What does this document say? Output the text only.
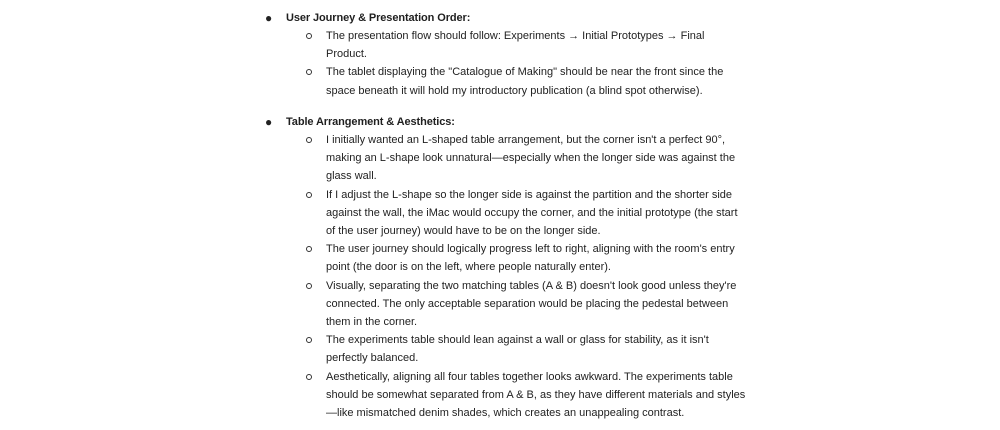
● User Journey & Presentation Order:
The presentation flow should follow: Experiments → Initial Prototypes → Final Product.
The tablet displaying the "Catalogue of Making" should be near the front since the space beneath it will hold my introductory publication (a blind spot otherwise).
● Table Arrangement & Aesthetics:
I initially wanted an L-shaped table arrangement, but the corner isn't a perfect 90°, making an L-shape look unnatural—especially when the longer side was against the glass wall.
If I adjust the L-shape so the longer side is against the partition and the shorter side against the wall, the iMac would occupy the corner, and the initial prototype (the start of the user journey) would have to be on the longer side.
The user journey should logically progress left to right, aligning with the room's entry point (the door is on the left, where people naturally enter).
Visually, separating the two matching tables (A & B) doesn't look good unless they're connected. The only acceptable separation would be placing the pedestal between them in the corner.
The experiments table should lean against a wall or glass for stability, as it isn't perfectly balanced.
Aesthetically, aligning all four tables together looks awkward. The experiments table should be somewhat separated from A & B, as they have different materials and styles—like mismatched denim shades, which creates an unappealing contrast.
